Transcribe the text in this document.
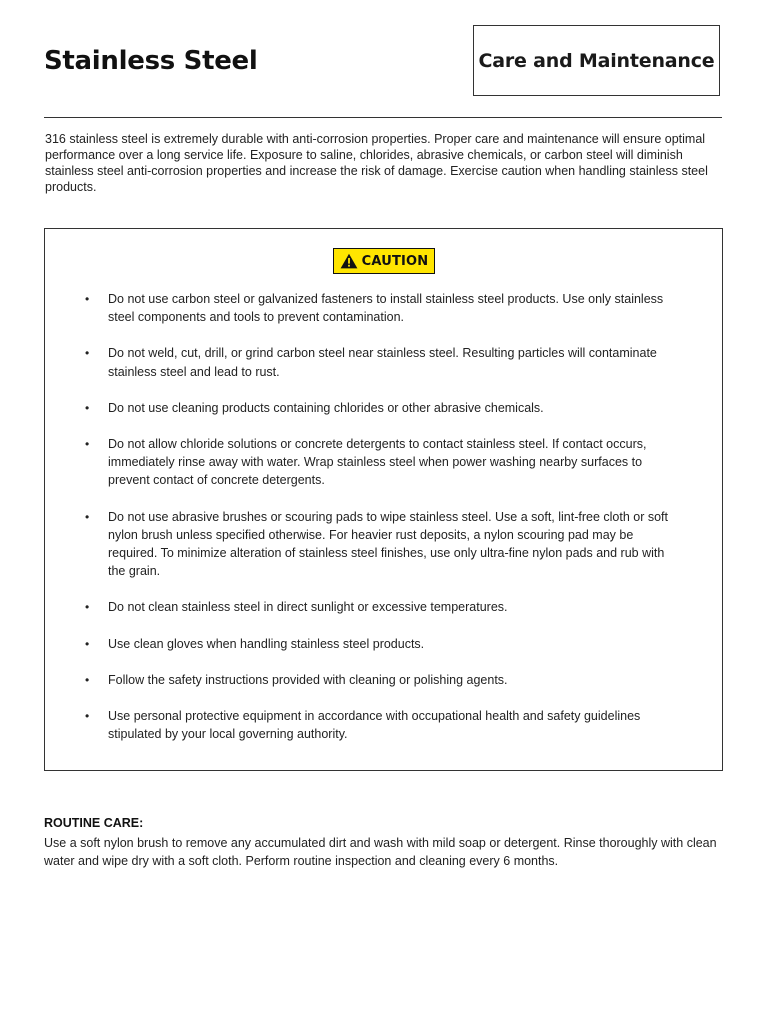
Stainless Steel	Care and Maintenance

316 stainless steel is extremely durable with anti-corrosion properties. Proper care and maintenance will ensure optimal performance over a long service life. Exposure to saline, chlorides, abrasive chemicals, or carbon steel will diminish stainless steel anti-corrosion properties and increase the risk of damage. Exercise caution when handling stainless steel products.

CAUTION
• Do not use carbon steel or galvanized fasteners to install stainless steel products. Use only stainless steel components and tools to prevent contamination.
• Do not weld, cut, drill, or grind carbon steel near stainless steel. Resulting particles will contaminate stainless steel and lead to rust.
• Do not use cleaning products containing chlorides or other abrasive chemicals.
• Do not allow chloride solutions or concrete detergents to contact stainless steel. If contact occurs, immediately rinse away with water. Wrap stainless steel when power washing nearby surfaces to prevent contact of concrete detergents.
• Do not use abrasive brushes or scouring pads to wipe stainless steel. Use a soft, lint-free cloth or soft nylon brush unless specified otherwise. For heavier rust deposits, a nylon scouring pad may be required. To minimize alteration of stainless steel finishes, use only ultra-fine nylon pads and rub with the grain.
• Do not clean stainless steel in direct sunlight or excessive temperatures.
• Use clean gloves when handling stainless steel products.
• Follow the safety instructions provided with cleaning or polishing agents.
• Use personal protective equipment in accordance with occupational health and safety guidelines stipulated by your local governing authority.

ROUTINE CARE:

Use a soft nylon brush to remove any accumulated dirt and wash with mild soap or detergent. Rinse thoroughly with clean water and wipe dry with a soft cloth. Perform routine inspection and cleaning every 6 months.
